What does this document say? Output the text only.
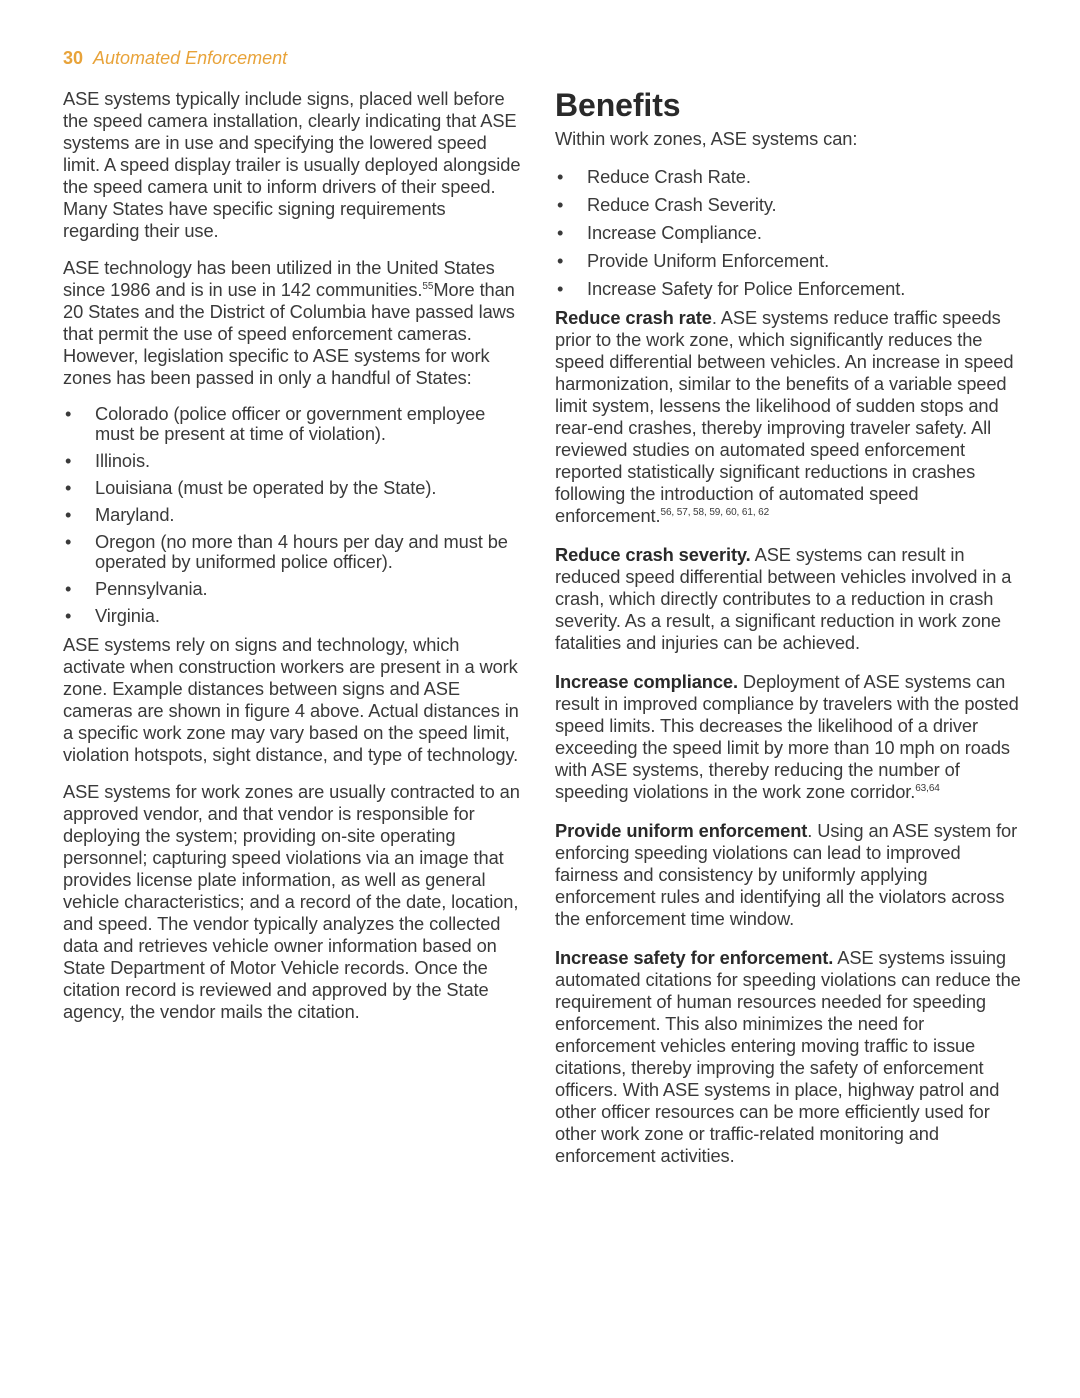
30 Automated Enforcement

ASE systems typically include signs, placed well before the speed camera installation, clearly indicating that ASE systems are in use and specifying the lowered speed limit. A speed display trailer is usually deployed alongside the speed camera unit to inform drivers of their speed. Many States have specific signing requirements regarding their use.

ASE technology has been utilized in the United States since 1986 and is in use in 142 communities.$^{55}$More than 20 States and the District of Columbia have passed laws that permit the use of speed enforcement cameras. However, legislation specific to ASE systems for work zones has been passed in only a handful of States:

• Colorado (police officer or government employee must be present at time of violation).
• Illinois.
• Louisiana (must be operated by the State).
• Maryland.
• Oregon (no more than 4 hours per day and must be operated by uniformed police officer).
• Pennsylvania.
• Virginia.

ASE systems rely on signs and technology, which activate when construction workers are present in a work zone. Example distances between signs and ASE cameras are shown in figure 4 above. Actual distances in a specific work zone may vary based on the speed limit, violation hotspots, sight distance, and type of technology.

ASE systems for work zones are usually contracted to an approved vendor, and that vendor is responsible for deploying the system; providing on-site operating personnel; capturing speed violations via an image that provides license plate information, as well as general vehicle characteristics; and a record of the date, location, and speed. The vendor typically analyzes the collected data and retrieves vehicle owner information based on State Department of Motor Vehicle records. Once the citation record is reviewed and approved by the State agency, the vendor mails the citation.

Benefits

Within work zones, ASE systems can:

• Reduce Crash Rate.
• Reduce Crash Severity.
• Increase Compliance.
• Provide Uniform Enforcement.
• Increase Safety for Police Enforcement.

Reduce crash rate. ASE systems reduce traffic speeds prior to the work zone, which significantly reduces the speed differential between vehicles. An increase in speed harmonization, similar to the benefits of a variable speed limit system, lessens the likelihood of sudden stops and rear-end crashes, thereby improving traveler safety. All reviewed studies on automated speed enforcement reported statistically significant reductions in crashes following the introduction of automated speed enforcement.$^{56, 57, 58, 59, 60, 61, 62}$

Reduce crash severity. ASE systems can result in reduced speed differential between vehicles involved in a crash, which directly contributes to a reduction in crash severity. As a result, a significant reduction in work zone fatalities and injuries can be achieved.

Increase compliance. Deployment of ASE systems can result in improved compliance by travelers with the posted speed limits. This decreases the likelihood of a driver exceeding the speed limit by more than 10 mph on roads with ASE systems, thereby reducing the number of speeding violations in the work zone corridor.$^{63,64}$

Provide uniform enforcement. Using an ASE system for enforcing speeding violations can lead to improved fairness and consistency by uniformly applying enforcement rules and identifying all the violators across the enforcement time window.

Increase safety for enforcement. ASE systems issuing automated citations for speeding violations can reduce the requirement of human resources needed for speeding enforcement. This also minimizes the need for enforcement vehicles entering moving traffic to issue citations, thereby improving the safety of enforcement officers. With ASE systems in place, highway patrol and other officer resources can be more efficiently used for other work zone or traffic-related monitoring and enforcement activities.
